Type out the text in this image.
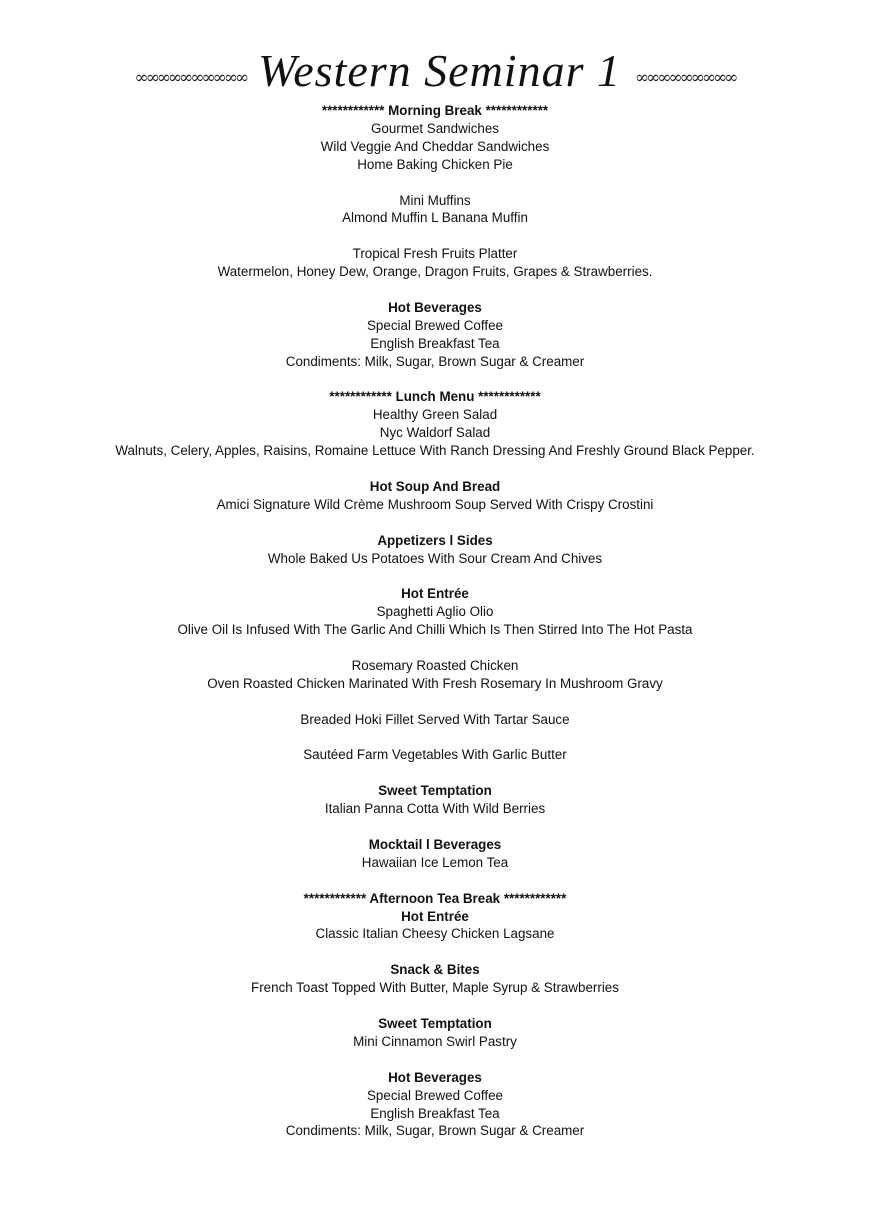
∞∞∞∞∞∞∞∞∞∞ Western Seminar 1 ∞∞∞∞∞∞∞∞∞
************ Morning Break ************
Gourmet Sandwiches
Wild Veggie And Cheddar Sandwiches
Home Baking Chicken Pie
Mini Muffins
Almond Muffin L Banana Muffin
Tropical Fresh Fruits Platter
Watermelon, Honey Dew, Orange, Dragon Fruits, Grapes & Strawberries.
Hot Beverages
Special Brewed Coffee
English Breakfast Tea
Condiments: Milk, Sugar, Brown Sugar & Creamer
************ Lunch Menu ************
Healthy Green Salad
Nyc Waldorf Salad
Walnuts, Celery, Apples, Raisins, Romaine Lettuce With Ranch Dressing And Freshly Ground Black Pepper.
Hot Soup And Bread
Amici Signature Wild Crème Mushroom Soup Served With Crispy Crostini
Appetizers l Sides
Whole Baked Us Potatoes With Sour Cream And Chives
Hot Entrée
Spaghetti Aglio Olio
Olive Oil Is Infused With The Garlic And Chilli Which Is Then Stirred Into The Hot Pasta
Rosemary Roasted Chicken
Oven Roasted Chicken Marinated With Fresh Rosemary In Mushroom Gravy
Breaded Hoki Fillet Served With Tartar Sauce
Sautéed Farm Vegetables With Garlic Butter
Sweet Temptation
Italian Panna Cotta With Wild Berries
Mocktail l Beverages
Hawaiian Ice Lemon Tea
************ Afternoon Tea Break ************
Hot Entrée
Classic Italian Cheesy Chicken Lagsane
Snack & Bites
French Toast Topped With Butter, Maple Syrup & Strawberries
Sweet Temptation
Mini Cinnamon Swirl Pastry
Hot Beverages
Special Brewed Coffee
English Breakfast Tea
Condiments: Milk, Sugar, Brown Sugar & Creamer
